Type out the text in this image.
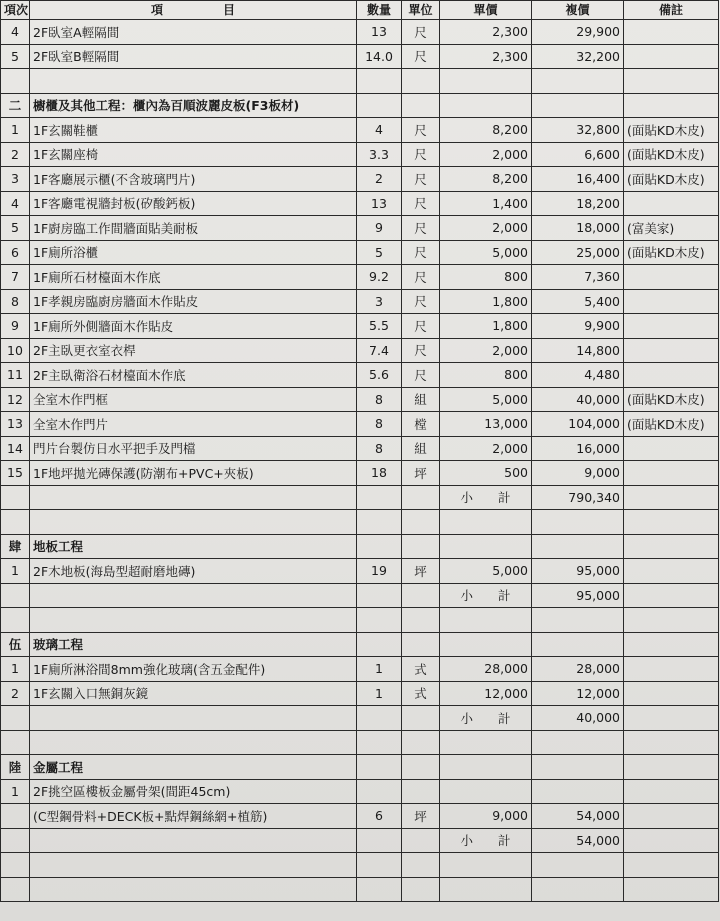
項次	項　　　　　目	數量	單位	單價	複價	備註
4	2F臥室A輕隔間	13	尺	2,300	29,900	
5	2F臥室B輕隔間	14.0	尺	2,300	32,200	

二	櫥櫃及其他工程：櫃內為百順波麗皮板(F3板材)					
1	1F玄關鞋櫃	4	尺	8,200	32,800	(面貼KD木皮)
2	1F玄關座椅	3.3	尺	2,000	6,600	(面貼KD木皮)
3	1F客廳展示櫃(不含玻璃門片)	2	尺	8,200	16,400	(面貼KD木皮)
4	1F客廳電視牆封板(矽酸鈣板)	13	尺	1,400	18,200	
5	1F廚房臨工作間牆面貼美耐板	9	尺	2,000	18,000	(富美家)
6	1F廁所浴櫃	5	尺	5,000	25,000	(面貼KD木皮)
7	1F廁所石材檯面木作底	9.2	尺	800	7,360	
8	1F孝親房臨廚房牆面木作貼皮	3	尺	1,800	5,400	
9	1F廁所外側牆面木作貼皮	5.5	尺	1,800	9,900	
10	2F主臥更衣室衣桿	7.4	尺	2,000	14,800	
11	2F主臥衛浴石材檯面木作底	5.6	尺	800	4,480	
12	全室木作門框	8	組	5,000	40,000	(面貼KD木皮)
13	全室木作門片	8	樘	13,000	104,000	(面貼KD木皮)
14	門片台製仿日水平把手及門檔	8	組	2,000	16,000	
15	1F地坪拋光磚保護(防潮布+PVC+夾板)	18	坪	500	9,000	
				小　　計	790,340	

肆	地板工程					
1	2F木地板(海島型超耐磨地磚)	19	坪	5,000	95,000	
				小　　計	95,000	

伍	玻璃工程					
1	1F廁所淋浴間8mm強化玻璃(含五金配件)	1	式	28,000	28,000	
2	1F玄關入口無銅灰鏡	1	式	12,000	12,000	
				小　　計	40,000	

陸	金屬工程					
1	2F挑空區樓板金屬骨架(間距45cm)					
	(C型鋼骨料+DECK板+點焊鋼絲網+植筋)	6	坪	9,000	54,000	
				小　　計	54,000	
